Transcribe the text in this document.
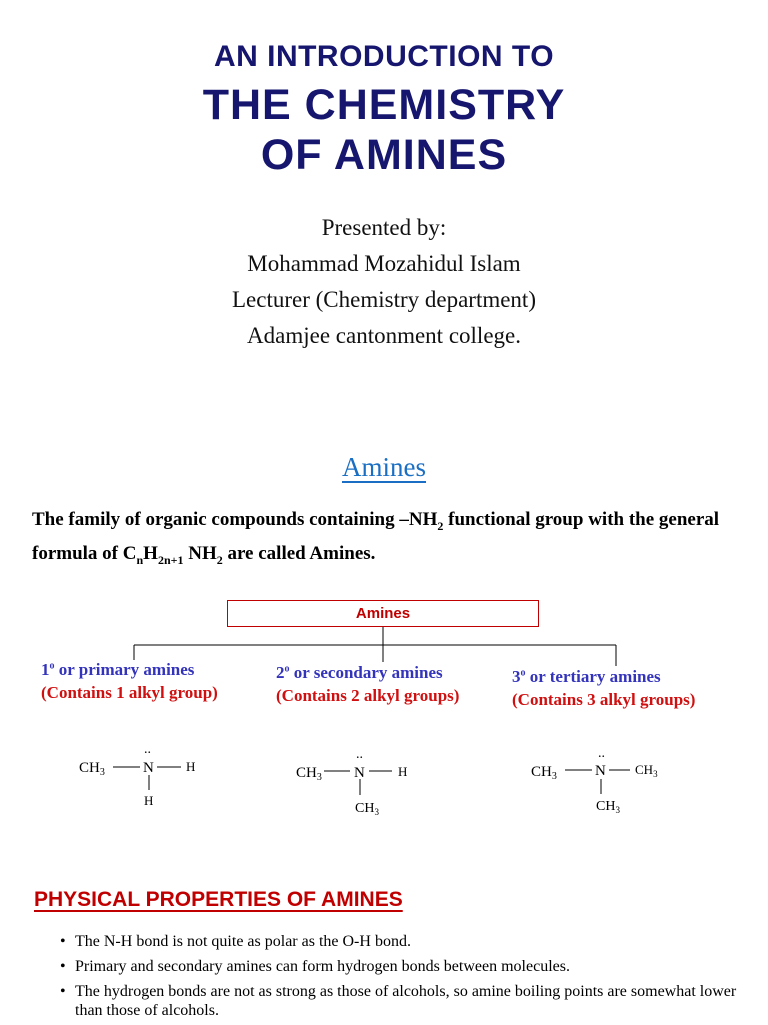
AN INTRODUCTION TO
THE CHEMISTRY
OF AMINES
Presented by:
Mohammad Mozahidul Islam
Lecturer (Chemistry department)
Adamjee cantonment college.
Amines
The family of organic compounds containing $-NH_2$ functional group with the general formula of $C_nH_{2n+1}$ $NH_2$ are called Amines.
Amines
1$^o$ or primary amines
(Contains 1 alkyl group)
2$^o$ or secondary amines
(Contains 2 alkyl groups)
3$^o$ or tertiary amines
(Contains 3 alkyl groups)
$CH_3$
..
N H
H
$CH_3$
..
N	H
$CH_3$
$CH_3$
..
N $CH_3$
$CH_3$
PHYSICAL PROPERTIES OF AMINES
• The N-H bond is not quite as polar as the O-H bond.
• Primary and secondary amines can form hydrogen bonds between molecules.
• The hydrogen bonds are not as strong as those of alcohols, so amine boiling points are somewhat lower than those of alcohols.
